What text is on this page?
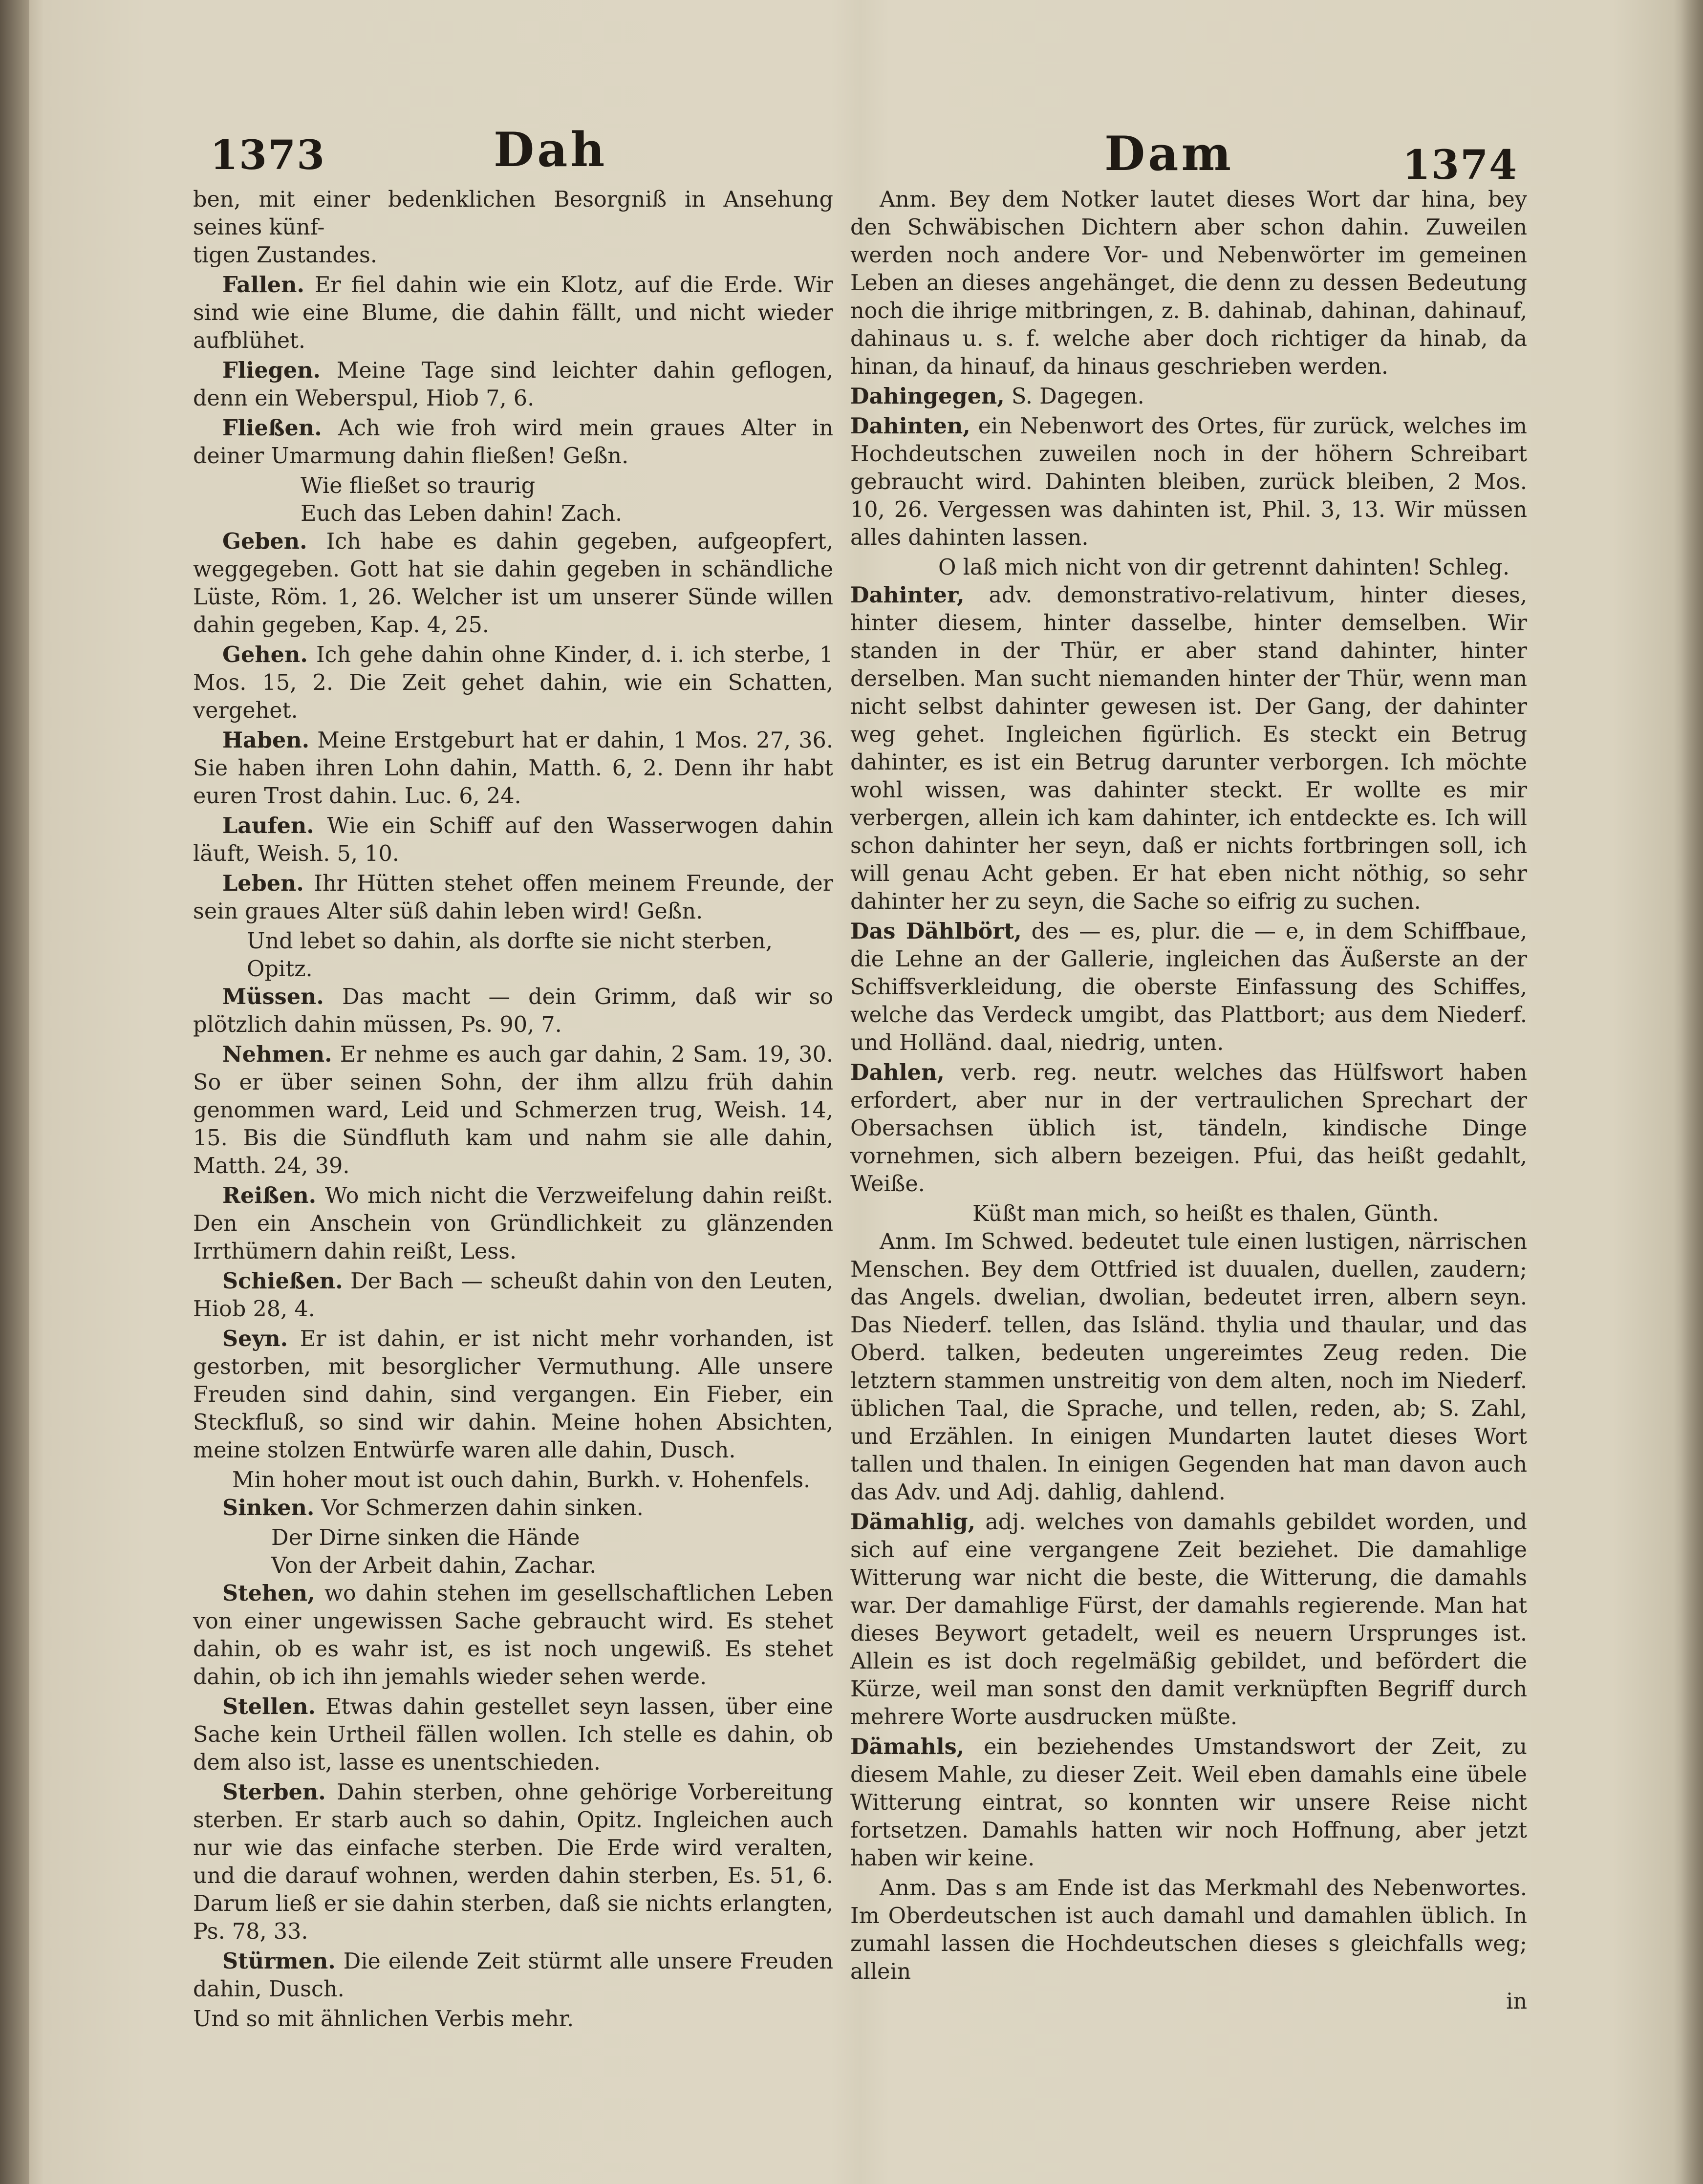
1373	Dah	Dam	1374

ben, mit einer bedenklichen Besorgniß in Ansehung seines künf-
tigen Zustandes.

Fallen. Er fiel dahin wie ein Klotz, auf die Erde. Wir sind wie eine Blume, die dahin fällt, und nicht wieder aufblühet.

Fliegen. Meine Tage sind leichter dahin geflogen, denn ein Weberspul, Hiob 7, 6.

Fließen. Ach wie froh wird mein graues Alter in deiner Umarmung dahin fließen! Geßn.

Wie fließet so traurig

Euch das Leben dahin! Zach.

Geben. Ich habe es dahin gegeben, aufgeopfert, weggegeben. Gott hat sie dahin gegeben in schändliche Lüste, Röm. 1, 26. Welcher ist um unserer Sünde willen dahin gegeben, Kap. 4, 25.

Gehen. Ich gehe dahin ohne Kinder, d. i. ich sterbe, 1 Mos. 15, 2. Die Zeit gehet dahin, wie ein Schatten, vergehet.

Haben. Meine Erstgeburt hat er dahin, 1 Mos. 27, 36. Sie haben ihren Lohn dahin, Matth. 6, 2. Denn ihr habt euren Trost dahin. Luc. 6, 24.

Laufen. Wie ein Schiff auf den Wasserwogen dahin läuft, Weish. 5, 10.

Leben. Ihr Hütten stehet offen meinem Freunde, der sein graues Alter süß dahin leben wird! Geßn.

Und lebet so dahin, als dorfte sie nicht sterben, Opitz.

Müssen. Das macht — dein Grimm, daß wir so plötzlich dahin müssen, Ps. 90, 7.

Nehmen. Er nehme es auch gar dahin, 2 Sam. 19, 30. So er über seinen Sohn, der ihm allzu früh dahin genommen ward, Leid und Schmerzen trug, Weish. 14, 15. Bis die Sündfluth kam und nahm sie alle dahin, Matth. 24, 39.

Reißen. Wo mich nicht die Verzweifelung dahin reißt. Den ein Anschein von Gründlichkeit zu glänzenden Irrthümern dahin reißt, Less.

Schießen. Der Bach — scheußt dahin von den Leuten, Hiob 28, 4.

Seyn. Er ist dahin, er ist nicht mehr vorhanden, ist gestorben, mit besorglicher Vermuthung. Alle unsere Freuden sind dahin, sind vergangen. Ein Fieber, ein Steckfluß, so sind wir dahin. Meine hohen Absichten, meine stolzen Entwürfe waren alle dahin, Dusch.

Min hoher mout ist ouch dahin, Burkh. v. Hohenfels.

Sinken. Vor Schmerzen dahin sinken.

Der Dirne sinken die Hände

Von der Arbeit dahin, Zachar.

Stehen, wo dahin stehen im gesellschaftlichen Leben von einer ungewissen Sache gebraucht wird. Es stehet dahin, ob es wahr ist, es ist noch ungewiß. Es stehet dahin, ob ich ihn jemahls wieder sehen werde.

Stellen. Etwas dahin gestellet seyn lassen, über eine Sache kein Urtheil fällen wollen. Ich stelle es dahin, ob dem also ist, lasse es unentschieden.

Sterben. Dahin sterben, ohne gehörige Vorbereitung sterben. Er starb auch so dahin, Opitz. Ingleichen auch nur wie das einfache sterben. Die Erde wird veralten, und die darauf wohnen, werden dahin sterben, Es. 51, 6. Darum ließ er sie dahin sterben, daß sie nichts erlangten, Ps. 78, 33.

Stürmen. Die eilende Zeit stürmt alle unsere Freuden dahin, Dusch.

Und so mit ähnlichen Verbis mehr.

Anm. Bey dem Notker lautet dieses Wort dar hina, bey den Schwäbischen Dichtern aber schon dahin. Zuweilen werden noch andere Vor- und Nebenwörter im gemeinen Leben an dieses angehänget, die denn zu dessen Bedeutung noch die ihrige mitbringen, z. B. dahinab, dahinan, dahinauf, dahinaus u. s. f. welche aber doch richtiger da hinab, da hinan, da hinauf, da hinaus geschrieben werden.

Dahingegen, S. Dagegen.

Dahinten, ein Nebenwort des Ortes, für zurück, welches im Hochdeutschen zuweilen noch in der höhern Schreibart gebraucht wird. Dahinten bleiben, zurück bleiben, 2 Mos. 10, 26. Vergessen was dahinten ist, Phil. 3, 13. Wir müssen alles dahinten lassen.

O laß mich nicht von dir getrennt dahinten! Schleg.

Dahinter, adv. demonstrativo-relativum, hinter dieses, hinter diesem, hinter dasselbe, hinter demselben. Wir standen in der Thür, er aber stand dahinter, hinter derselben. Man sucht niemanden hinter der Thür, wenn man nicht selbst dahinter gewesen ist. Der Gang, der dahinter weg gehet. Ingleichen figürlich. Es steckt ein Betrug dahinter, es ist ein Betrug darunter verborgen. Ich möchte wohl wissen, was dahinter steckt. Er wollte es mir verbergen, allein ich kam dahinter, ich entdeckte es. Ich will schon dahinter her seyn, daß er nichts fortbringen soll, ich will genau Acht geben. Er hat eben nicht nöthig, so sehr dahinter her zu seyn, die Sache so eifrig zu suchen.

Das Dählbört, des — es, plur. die — e, in dem Schiffbaue, die Lehne an der Gallerie, ingleichen das Äußerste an der Schiffsverkleidung, die oberste Einfassung des Schiffes, welche das Verdeck umgibt, das Plattbort; aus dem Niederf. und Holländ. daal, niedrig, unten.

Dahlen, verb. reg. neutr. welches das Hülfswort haben erfordert, aber nur in der vertraulichen Sprechart der Obersachsen üblich ist, tändeln, kindische Dinge vornehmen, sich albern bezeigen. Pfui, das heißt gedahlt, Weiße.

Küßt man mich, so heißt es thalen, Günth.

Anm. Im Schwed. bedeutet tule einen lustigen, närrischen Menschen. Bey dem Ottfried ist duualen, duellen, zaudern; das Angels. dwelian, dwolian, bedeutet irren, albern seyn. Das Niederf. tellen, das Isländ. thylia und thaular, und das Oberd. talken, bedeuten ungereimtes Zeug reden. Die letztern stammen unstreitig von dem alten, noch im Niederf. üblichen Taal, die Sprache, und tellen, reden, ab; S. Zahl, und Erzählen. In einigen Mundarten lautet dieses Wort tallen und thalen. In einigen Gegenden hat man davon auch das Adv. und Adj. dahlig, dahlend.

Dämahlig, adj. welches von damahls gebildet worden, und sich auf eine vergangene Zeit beziehet. Die damahlige Witterung war nicht die beste, die Witterung, die damahls war. Der damahlige Fürst, der damahls regierende. Man hat dieses Beywort getadelt, weil es neuern Ursprunges ist. Allein es ist doch regelmäßig gebildet, und befördert die Kürze, weil man sonst den damit verknüpften Begriff durch mehrere Worte ausdrucken müßte.

Dämahls, ein beziehendes Umstandswort der Zeit, zu diesem Mahle, zu dieser Zeit. Weil eben damahls eine übele Witterung eintrat, so konnten wir unsere Reise nicht fortsetzen. Damahls hatten wir noch Hoffnung, aber jetzt haben wir keine.

Anm. Das s am Ende ist das Merkmahl des Nebenwortes. Im Oberdeutschen ist auch damahl und damahlen üblich. In zumahl lassen die Hochdeutschen dieses s gleichfalls weg; allein

in
